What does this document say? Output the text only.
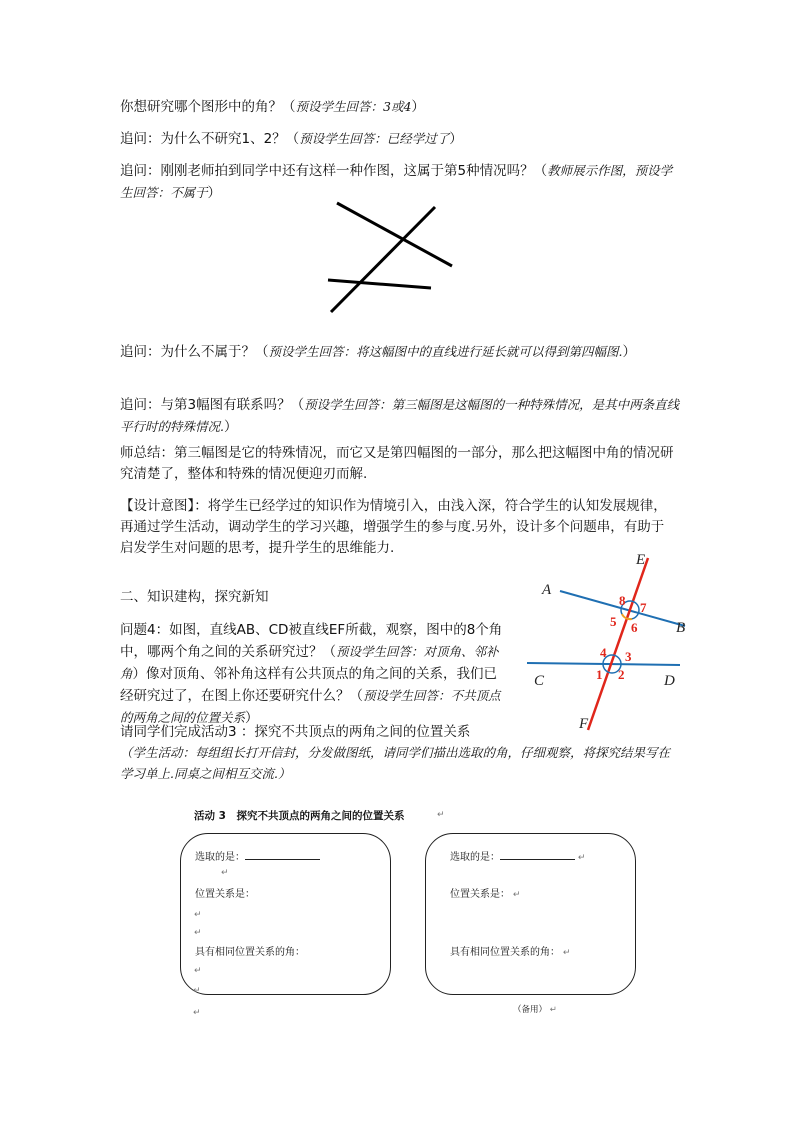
你想研究哪个图形中的角？（预设学生回答：3或4）
追问：为什么不研究1、2？（预设学生回答：已经学过了）
追问：刚刚老师拍到同学中还有这样一种作图，这属于第5种情况吗？（教师展示作图，预设学生回答：不属于）
追问：为什么不属于？（预设学生回答：将这幅图中的直线进行延长就可以得到第四幅图.）
追问：与第3幅图有联系吗？（预设学生回答：第三幅图是这幅图的一种特殊情况，是其中两条直线平行时的特殊情况.）
师总结：第三幅图是它的特殊情况，而它又是第四幅图的一部分，那么把这幅图中角的情况研究清楚了，整体和特殊的情况便迎刃而解.
【设计意图】：将学生已经学过的知识作为情境引入，由浅入深，符合学生的认知发展规律，再通过学生活动，调动学生的学习兴趣，增强学生的参与度.另外，设计多个问题串，有助于启发学生对问题的思考，提升学生的思维能力.
二、知识建构，探究新知
问题4：如图，直线AB、CD被直线EF所截，观察，图中的8个角中，哪两个角之间的关系研究过？（预设学生回答：对顶角、邻补角）像对顶角、邻补角这样有公共顶点的角之间的关系，我们已经研究过了，在图上你还要研究什么？（预设学生回答：不共顶点的两角之间的位置关系）
E
A
B
C	D
F
8 7
5 6
4 3
1 2
请同学们完成活动3 ：探究不共顶点的两角之间的位置关系
（学生活动：每组组长打开信封，分发做图纸，请同学们描出选取的角，仔细观察，将探究结果写在学习单上.同桌之间相互交流.）
活动 3　探究不共顶点的两角之间的位置关系	↵
选取的是：
↵
位置关系是：
↵
↵
具有相同位置关系的角：
↵
↵
↵
选取的是：	↵
位置关系是： ↵
具有相同位置关系的角： ↵
（备用） ↵
